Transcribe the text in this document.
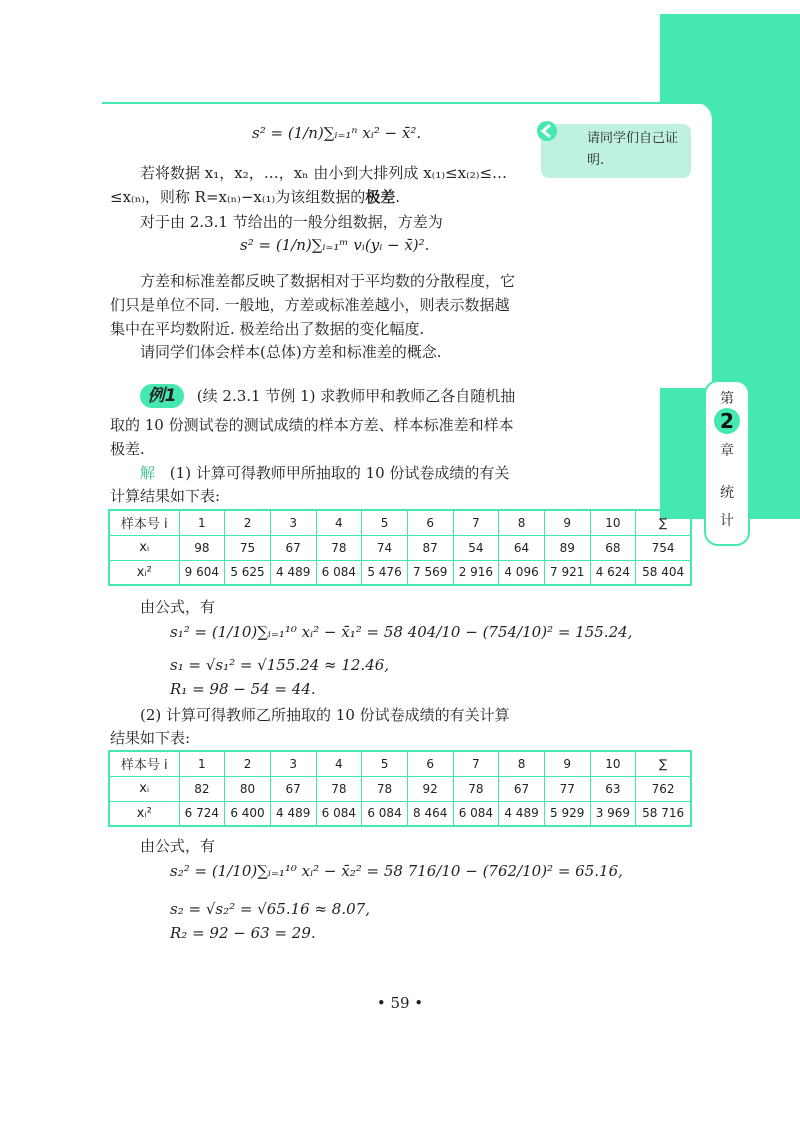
第
2
章
统
计
请同学们自己证明.
s² = (1/n)∑ᵢ₌₁ⁿ xᵢ² − x̄².
若将数据 x₁，x₂，…，xₙ 由小到大排列成 x₍₁₎≤x₍₂₎≤…
≤x₍ₙ₎，则称 R=x₍ₙ₎−x₍₁₎为该组数据的极差.
对于由 2.3.1 节给出的一般分组数据，方差为
s² = (1/n)∑ᵢ₌₁ᵐ vᵢ(yᵢ − x̄)².
方差和标准差都反映了数据相对于平均数的分散程度，它
们只是单位不同. 一般地，方差或标准差越小，则表示数据越
集中在平均数附近. 极差给出了数据的变化幅度.
请同学们体会样本(总体)方差和标准差的概念.
例1 (续 2.3.1 节例 1) 求教师甲和教师乙各自随机抽
取的 10 份测试卷的测试成绩的样本方差、样本标准差和样本
极差.
解 (1) 计算可得教师甲所抽取的 10 份试卷成绩的有关
计算结果如下表:
样本号 i	1	2	3	4	5	6	7	8	9	10	∑
xᵢ	98	75	67	78	74	87	54	64	89	68	754
xᵢ²	9 604	5 625	4 489	6 084	5 476	7 569	2 916	4 096	7 921	4 624	58 404
由公式，有
s₁² = (1/10)∑ᵢ₌₁¹⁰ xᵢ² − x̄₁² = 58 404/10 − (754/10)² = 155.24,
s₁ = √s₁² = √155.24 ≈ 12.46,
R₁ = 98 − 54 = 44.
(2) 计算可得教师乙所抽取的 10 份试卷成绩的有关计算
结果如下表:
样本号 i	1	2	3	4	5	6	7	8	9	10	∑
xᵢ	82	80	67	78	78	92	78	67	77	63	762
xᵢ²	6 724	6 400	4 489	6 084	6 084	8 464	6 084	4 489	5 929	3 969	58 716
由公式，有
s₂² = (1/10)∑ᵢ₌₁¹⁰ xᵢ² − x̄₂² = 58 716/10 − (762/10)² = 65.16,
s₂ = √s₂² = √65.16 ≈ 8.07,
R₂ = 92 − 63 = 29.
• 59 •
